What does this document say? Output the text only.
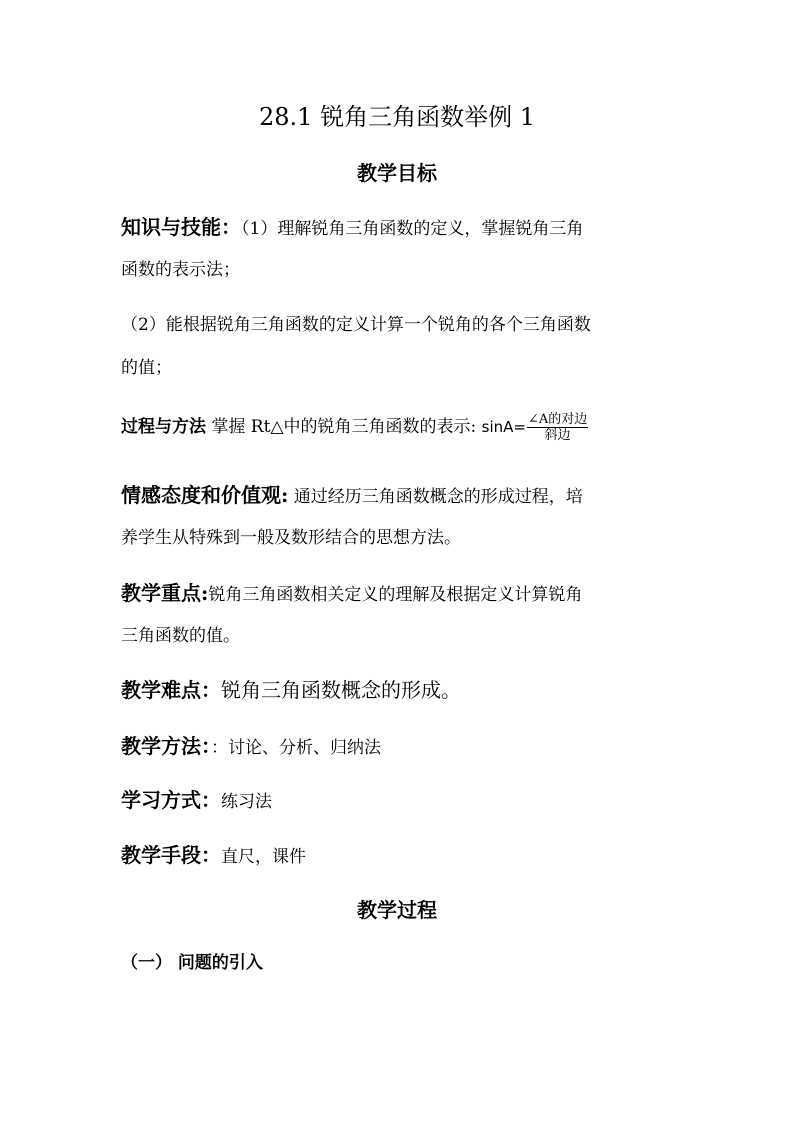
28.1 锐角三角函数举例 1
教学目标
知识与技能：（1）理解锐角三角函数的定义，掌握锐角三角
函数的表示法；
（2）能根据锐角三角函数的定义计算一个锐角的各个三角函数
的值；
过程与方法 掌握 Rt△中的锐角三角函数的表示: $\sin A= \frac{\text{∠A的对边}}{\text{斜边}}$
情感态度和价值观: 通过经历三角函数概念的形成过程，培
养学生从特殊到一般及数形结合的思想方法。
教学重点:锐角三角函数相关定义的理解及根据定义计算锐角
三角函数的值。
教学难点：锐角三角函数概念的形成。
教学方法：：讨论、分析、归纳法
学习方式：练习法
教学手段：直尺，课件
教学过程
（一） 问题的引入
